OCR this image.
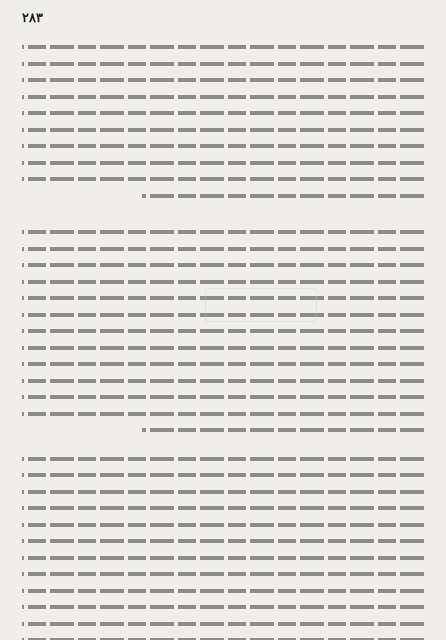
٢٨٣
